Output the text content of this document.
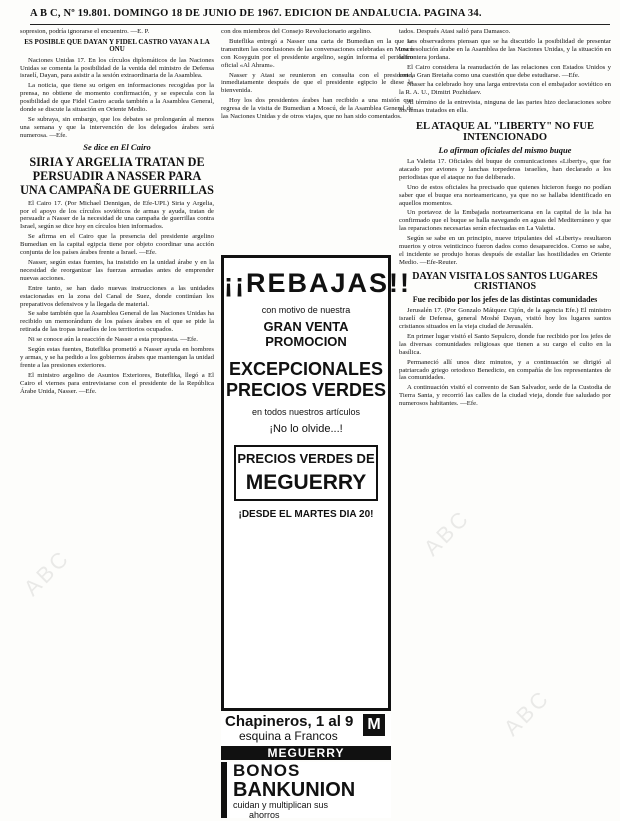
A B C, Nº 19.801. DOMINGO 18 DE JUNIO DE 1967. EDICION DE ANDALUCIA. PAGINA 34.

sopresion, podría ignorarse el encuentro. —E. P.

ES POSIBLE QUE DAYAN Y FIDEL CASTRO VAYAN A LA ONU

Naciones Unidas 17. En los círculos diplomáticos de las Naciones Unidas se comenta la posibilidad de la venida del ministro de Defensa israelí, Dayan, para asistir a la sesión extraordinaria de la Asamblea.

La noticia, que tiene su origen en informaciones recogidas por la prensa, no obtiene de momento confirmación, y se especula con la posibilidad de que Fidel Castro acuda también a la Asamblea General, donde se discute la situación en Oriente Medio.

Se subraya, sin embargo, que los debates se prolongarán al menos una semana y que la intervención de los delegados árabes será numerosa. —Efe.

Se dice en El Cairo
SIRIA Y ARGELIA TRATAN DE PERSUADIR A NASSER PARA UNA CAMPAÑA DE GUERRILLAS

El Cairo 17. (Por Michael Dennigan, de Efe-UPI.) Siria y Argelia, por el apoyo de los círculos soviéticos de armas y ayuda, tratan de persuadir a Nasser de la necesidad de una campaña de guerrillas contra Israel, según se dice hoy en círculos bien informados.

Se afirma en el Cairo que la presencia del presidente argelino Bumedian en la capital egipcia tiene por objeto coordinar una acción conjunta de los países árabes frente a Israel. —Efe.

Nasser, según estas fuentes, ha insistido en la unidad árabe y en la necesidad de reorganizar las fuerzas armadas antes de emprender nuevas acciones.

Entre tanto, se han dado nuevas instrucciones a las unidades estacionadas en la zona del Canal de Suez, donde continúan los preparativos defensivos y la llegada de material.

Se sabe también que la Asamblea General de las Naciones Unidas ha recibido un memorándum de los países árabes en el que se pide la retirada de las tropas israelíes de los territorios ocupados.

Ni se conoce aún la reacción de Nasser a esta propuesta. —Efe.

Según estas fuentes, Buteflika prometió a Nasser ayuda en hombres y armas, y se ha pedido a los gobiernos árabes que mantengan la unidad frente a las presiones exteriores.

El ministro argelino de Asuntos Exteriores, Buteflika, llegó a El Cairo el viernes para entrevistarse con el presidente de la República Árabe Unida, Nasser. —Efe.

con dos miembros del Consejo Revolucionario argelino.

Buteflika entregó a Nasser una carta de Bumedian en la que se transmiten las conclusiones de las conversaciones celebradas en Moscú con Kosyguin por el presidente argelino, según informa el periódico oficial «Al Ahram».

Nasser y Atasi se reunieron en consulta con el presidente, inmediatamente después de que el presidente egipcio le diese la bienvenida.

Hoy los dos presidentes árabes han recibido a una misión que regresa de la visita de Bumedian a Moscú, de la Asamblea General de las Naciones Unidas y de otros viajes, que no han sido comentados.

¡¡REBAJAS!!
con motivo de nuestra
GRAN VENTA PROMOCION
EXCEPCIONALES PRECIOS VERDES
en todos nuestros artículos
¡No lo olvide...!
PRECIOS VERDES DE
MEGUERRY
¡DESDE EL MARTES DIA 20!
Chapineros, 1 al 9
esquina a Francos
M
MEGUERRY
BONOS
BANKUNION
cuidan y multiplican sus
ahorros

tados. Después Atasi salió para Damasco.

Los observadores piensan que se ha discutido la posibilidad de presentar una resolución árabe en la Asamblea de las Naciones Unidas, y la situación en la frontera jordana.

El Cairo considera la reanudación de las relaciones con Estados Unidos y con la Gran Bretaña como una cuestión que debe estudiarse. —Efe.

Nasser ha celebrado hoy una larga entrevista con el embajador soviético en la R. A. U., Dimitri Pozhidaev.

Al término de la entrevista, ninguna de las partes hizo declaraciones sobre los temas tratados en ella.

EL ATAQUE AL "LIBERTY" NO FUE INTENCIONADO
Lo afirman oficiales del mismo buque

La Valetta 17. Oficiales del buque de comunicaciones «Liberty», que fue atacado por aviones y lanchas torpederas israelíes, han declarado a los periodistas que el ataque no fue deliberado.

Uno de estos oficiales ha precisado que quienes hicieron fuego no podían saber que el buque era norteamericano, ya que no se hallaba identificado en aquellos momentos.

Un portavoz de la Embajada norteamericana en la capital de la isla ha confirmado que el buque se halla navegando en aguas del Mediterráneo y que las reparaciones necesarias serán efectuadas en La Valetta.

Según se sabe en un principio, nueve tripulantes del «Liberty» resultaron muertos y otros veinticinco fueron dados como desaparecidos. Como se sabe, el incidente se produjo horas después de estallar las hostilidades en Oriente Medio. —Efe-Reuter.

DAYAN VISITA LOS SANTOS LUGARES CRISTIANOS
Fue recibido por los jefes de las distintas comunidades

Jerusalén 17. (Por Gonzalo Máiquez Cijón, de la agencia Efe.) El ministro israelí de Defensa, general Moshé Dayan, visitó hoy los lugares santos cristianos situados en la vieja ciudad de Jerusalén.

En primer lugar visitó el Santo Sepulcro, donde fue recibido por los jefes de las diversas comunidades religiosas que tienen a su cargo el culto en la basílica.

Permaneció allí unos diez minutos, y a continuación se dirigió al patriarcado griego ortodoxo Benedicto, en compañía de los representantes de las comunidades.

A continuación visitó el convento de San Salvador, sede de la Custodia de Tierra Santa, y recorrió las calles de la ciudad vieja, donde fue saludado por numerosos habitantes. —Efe.

ABC
ABC
ABC
